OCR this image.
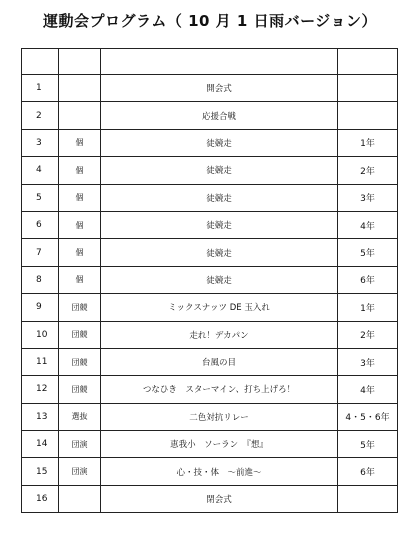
運動会プログラム（ 10 月 1 日雨バージョン）

1		開会式	
2		応援合戦	
3	個	徒競走	1年
4	個	徒競走	2年
5	個	徒競走	3年
6	個	徒競走	4年
7	個	徒競走	5年
8	個	徒競走	6年
9	団競	ミックスナッツ DE 玉入れ	1年
10	団競	走れ！デカパン	2年
11	団競	台風の目	3年
12	団競	つなひき　スターマイン、打ち上げろ！	4年
13	選抜	二色対抗リレー	4・5・6年
14	団演	恵我小　ソーラン　『想』	5年
15	団演	心・技・体　～前進～	6年
16		閉会式	
